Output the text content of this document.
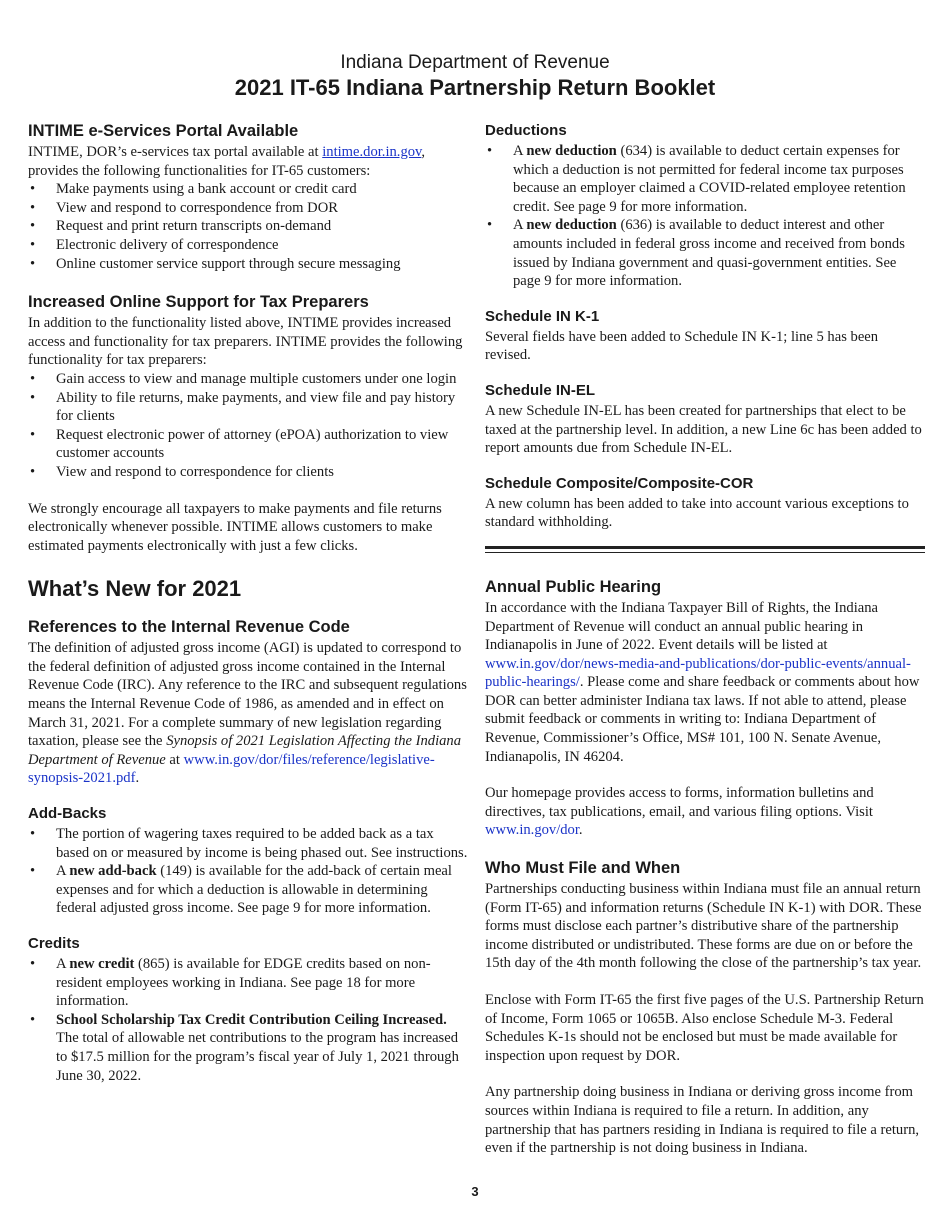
Indiana Department of Revenue
2021 IT-65 Indiana Partnership Return Booklet
INTIME e-Services Portal Available

INTIME, DOR’s e-services tax portal available at intime.dor.in.gov, provides the following functionalities for IT-65 customers:

• Make payments using a bank account or credit card
• View and respond to correspondence from DOR
• Request and print return transcripts on-demand
• Electronic delivery of correspondence
• Online customer service support through secure messaging
Increased Online Support for Tax Preparers

In addition to the functionality listed above, INTIME provides increased access and functionality for tax preparers. INTIME provides the following functionality for tax preparers:

• Gain access to view and manage multiple customers under one login
• Ability to file returns, make payments, and view file and pay history for clients
• Request electronic power of attorney (ePOA) authorization to view customer accounts
• View and respond to correspondence for clients

We strongly encourage all taxpayers to make payments and file returns electronically whenever possible. INTIME allows customers to make estimated payments electronically with just a few clicks.

What’s New for 2021
References to the Internal Revenue Code

The definition of adjusted gross income (AGI) is updated to correspond to the federal definition of adjusted gross income contained in the Internal Revenue Code (IRC). Any reference to the IRC and subsequent regulations means the Internal Revenue Code of 1986, as amended and in effect on March 31, 2021. For a complete summary of new legislation regarding taxation, please see the Synopsis of 2021 Legislation Affecting the Indiana Department of Revenue at www.in.gov/dor/files/reference/legislative-synopsis-2021.pdf.

Add-Backs
• The portion of wagering taxes required to be added back as a tax based on or measured by income is being phased out. See instructions.
• A new add-back (149) is available for the add-back of certain meal expenses and for which a deduction is allowable in determining federal adjusted gross income. See page 9 for more information.
Credits
• A new credit (865) is available for EDGE credits based on non-resident employees working in Indiana. See page 18 for more information.
• School Scholarship Tax Credit Contribution Ceiling Increased. The total of allowable net contributions to the program has increased to $17.5 million for the program’s fiscal year of July 1, 2021 through June 30, 2022.
Deductions
• A new deduction (634) is available to deduct certain expenses for which a deduction is not permitted for federal income tax purposes because an employer claimed a COVID-related employee retention credit. See page 9 for more information.
• A new deduction (636) is available to deduct interest and other amounts included in federal gross income and received from bonds issued by Indiana government and quasi-government entities. See page 9 for more information.
Schedule IN K-1

Several fields have been added to Schedule IN K-1; line 5 has been revised.

Schedule IN-EL

A new Schedule IN-EL has been created for partnerships that elect to be taxed at the partnership level. In addition, a new Line 6c has been added to report amounts due from Schedule IN-EL.

Schedule Composite/Composite-COR

A new column has been added to take into account various exceptions to standard withholding.

Annual Public Hearing

In accordance with the Indiana Taxpayer Bill of Rights, the Indiana Department of Revenue will conduct an annual public hearing in Indianapolis in June of 2022. Event details will be listed at www.in.gov/dor/news-media-and-publications/dor-public-events/annual-public-hearings/. Please come and share feedback or comments about how DOR can better administer Indiana tax laws. If not able to attend, please submit feedback or comments in writing to: Indiana Department of Revenue, Commissioner’s Office, MS# 101, 100 N. Senate Avenue, Indianapolis, IN 46204.

Our homepage provides access to forms, information bulletins and directives, tax publications, email, and various filing options. Visit www.in.gov/dor.

Who Must File and When

Partnerships conducting business within Indiana must file an annual return (Form IT-65) and information returns (Schedule IN K-1) with DOR. These forms must disclose each partner’s distributive share of the partnership income distributed or undistributed. These forms are due on or before the 15th day of the 4th month following the close of the partnership’s tax year.

Enclose with Form IT-65 the first five pages of the U.S. Partnership Return of Income, Form 1065 or 1065B. Also enclose Schedule M-3. Federal Schedules K-1s should not be enclosed but must be made available for inspection upon request by DOR.

Any partnership doing business in Indiana or deriving gross income from sources within Indiana is required to file a return. In addition, any partnership that has partners residing in Indiana is required to file a return, even if the partnership is not doing business in Indiana.

3
